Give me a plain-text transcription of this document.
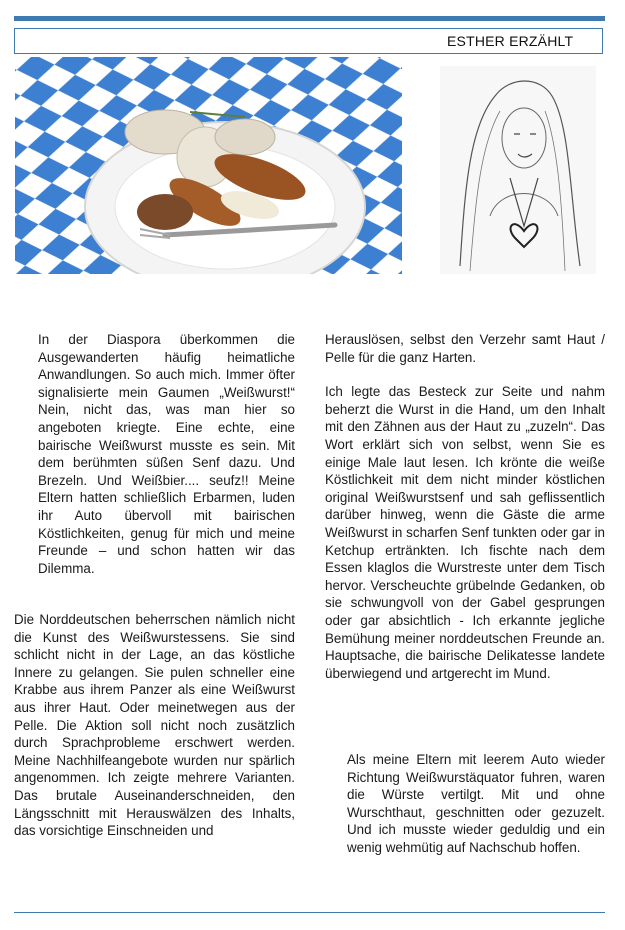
ESTHER ERZÄHLT

In der Diaspora überkommen die Ausgewanderten häufig heimatliche Anwandlungen. So auch mich. Immer öfter signalisierte mein Gaumen „Weißwurst!“ Nein, nicht das, was man hier so angeboten kriegte. Eine echte, eine bairische Weißwurst musste es sein. Mit dem berühmten süßen Senf dazu. Und Brezeln. Und Weißbier.... seufz!! Meine Eltern hatten schließlich Erbarmen, luden ihr Auto übervoll mit bairischen Köstlichkeiten, genug für mich und meine Freunde – und schon hatten wir das Dilemma.

Die Norddeutschen beherrschen nämlich nicht die Kunst des Weißwurstessens. Sie sind schlicht nicht in der Lage, an das köstliche Innere zu gelangen. Sie pulen schneller eine Krabbe aus ihrem Panzer als eine Weißwurst aus ihrer Haut. Oder meinetwegen aus der Pelle. Die Aktion soll nicht noch zusätzlich durch Sprachprobleme erschwert werden. Meine Nachhilfeangebote wurden nur spärlich angenommen. Ich zeigte mehrere Varianten. Das brutale Auseinanderschneiden, den Längsschnitt mit Herauswälzen des Inhalts, das vorsichtige Einschneiden und

Herauslösen, selbst den Verzehr samt Haut / Pelle für die ganz Harten.

Ich legte das Besteck zur Seite und nahm beherzt die Wurst in die Hand, um den Inhalt mit den Zähnen aus der Haut zu „zuzeln“. Das Wort erklärt sich von selbst, wenn Sie es einige Male laut lesen. Ich krönte die weiße Köstlichkeit mit dem nicht minder köstlichen original Weißwurstsenf und sah geflissentlich darüber hinweg, wenn die Gäste die arme Weißwurst in scharfen Senf tunkten oder gar in Ketchup ertränkten. Ich fischte nach dem Essen klaglos die Wurstreste unter dem Tisch hervor. Verscheuchte grübelnde Gedanken, ob sie schwungvoll von der Gabel gesprungen oder gar absichtlich - Ich erkannte jegliche Bemühung meiner norddeutschen Freunde an. Hauptsache, die bairische Delikatesse landete überwiegend und artgerecht im Mund.

Als meine Eltern mit leerem Auto wieder Richtung Weißwurstäquator fuhren, waren die Würste vertilgt. Mit und ohne Wurschthaut, geschnitten oder gezuzelt. Und ich musste wieder geduldig und ein wenig wehmütig auf Nachschub hoffen.
